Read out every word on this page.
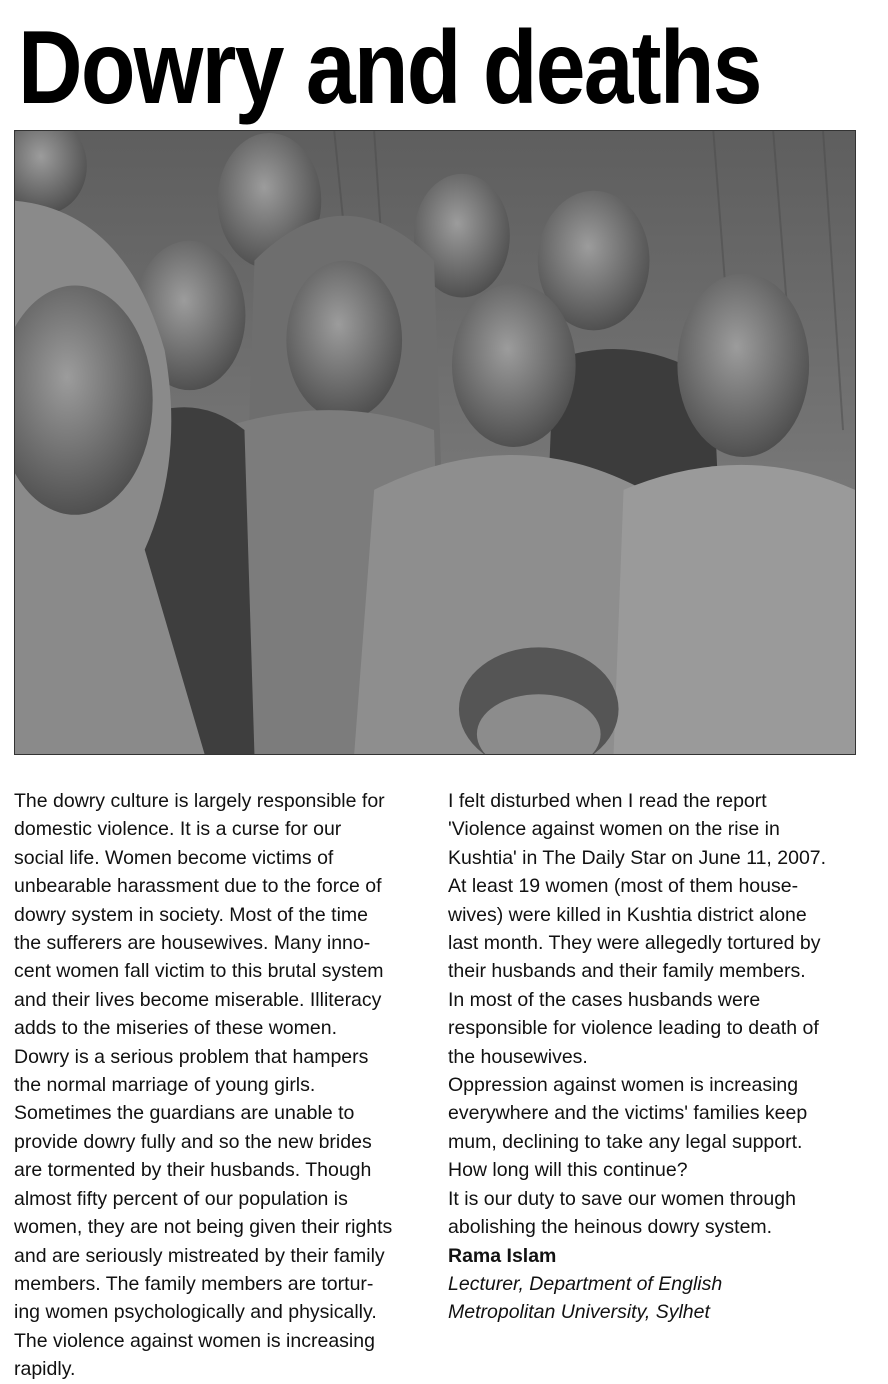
Dowry and deaths

The dowry culture is largely responsible for
domestic violence. It is a curse for our
social life. Women become victims of
unbearable harassment due to the force of
dowry system in society. Most of the time
the sufferers are housewives. Many inno-
cent women fall victim to this brutal system
and their lives become miserable. Illiteracy
adds to the miseries of these women.

Dowry is a serious problem that hampers
the normal marriage of young girls.
Sometimes the guardians are unable to
provide dowry fully and so the new brides
are tormented by their husbands. Though
almost fifty percent of our population is
women, they are not being given their rights
and are seriously mistreated by their family
members. The family members are tortur-
ing women psychologically and physically.
The violence against women is increasing
rapidly.

I felt disturbed when I read the report
'Violence against women on the rise in
Kushtia' in The Daily Star on June 11, 2007.
At least 19 women (most of them house-
wives) were killed in Kushtia district alone
last month. They were allegedly tortured by
their husbands and their family members.
In most of the cases husbands were
responsible for violence leading to death of
the housewives.

Oppression against women is increasing
everywhere and the victims' families keep
mum, declining to take any legal support.
How long will this continue?

It is our duty to save our women through
abolishing the heinous dowry system.

Rama Islam

Lecturer, Department of English

Metropolitan University, Sylhet
